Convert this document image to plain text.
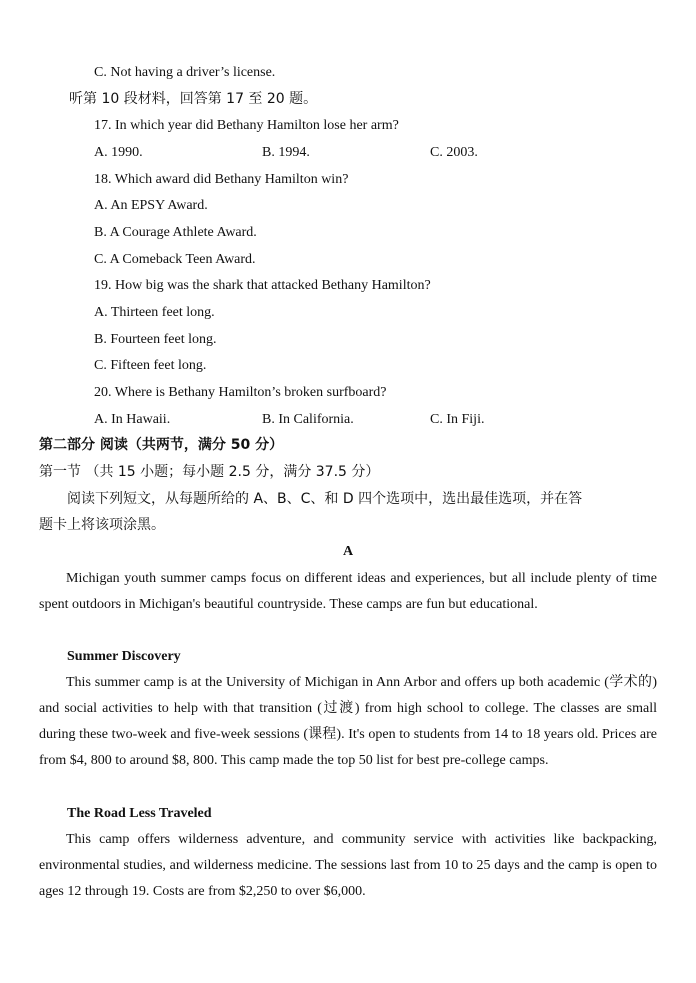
C. Not having a driver’s license.
听第 10 段材料，回答第 17 至 20 题。
17. In which year did Bethany Hamilton lose her arm?
A. 1990.	B. 1994.	C. 2003.
18. Which award did Bethany Hamilton win?
A. An EPSY Award.
B. A Courage Athlete Award.
C. A Comeback Teen Award.
19. How big was the shark that attacked Bethany Hamilton?
A. Thirteen feet long.
B. Fourteen feet long.
C. Fifteen feet long.
20. Where is Bethany Hamilton’s broken surfboard?
A. In Hawaii.	B. In California.	C. In Fiji.
第二部分 阅读（共两节，满分 50 分）
第一节 （共 15 小题；每小题 2.5 分，满分 37.5 分）
阅读下列短文，从每题所给的 A、B、C、和 D 四个选项中，选出最佳选项，并在答
题卡上将该项涂黑。
A
Michigan youth summer camps focus on different ideas and experiences, but all include plenty of time spent outdoors in Michigan's beautiful countryside. These camps are fun but educational.
Summer Discovery
This summer camp is at the University of Michigan in Ann Arbor and offers up both academic (学术的) and social activities to help with that transition (过渡) from high school to college. The classes are small during these two-week and five-week sessions (课程). It's open to students from 14 to 18 years old. Prices are from $4, 800 to around $8, 800. This camp made the top 50 list for best pre-college camps.
The Road Less Traveled
This camp offers wilderness adventure, and community service with activities like backpacking, environmental studies, and wilderness medicine. The sessions last from 10 to 25 days and the camp is open to ages 12 through 19. Costs are from $2,250 to over $6,000.
